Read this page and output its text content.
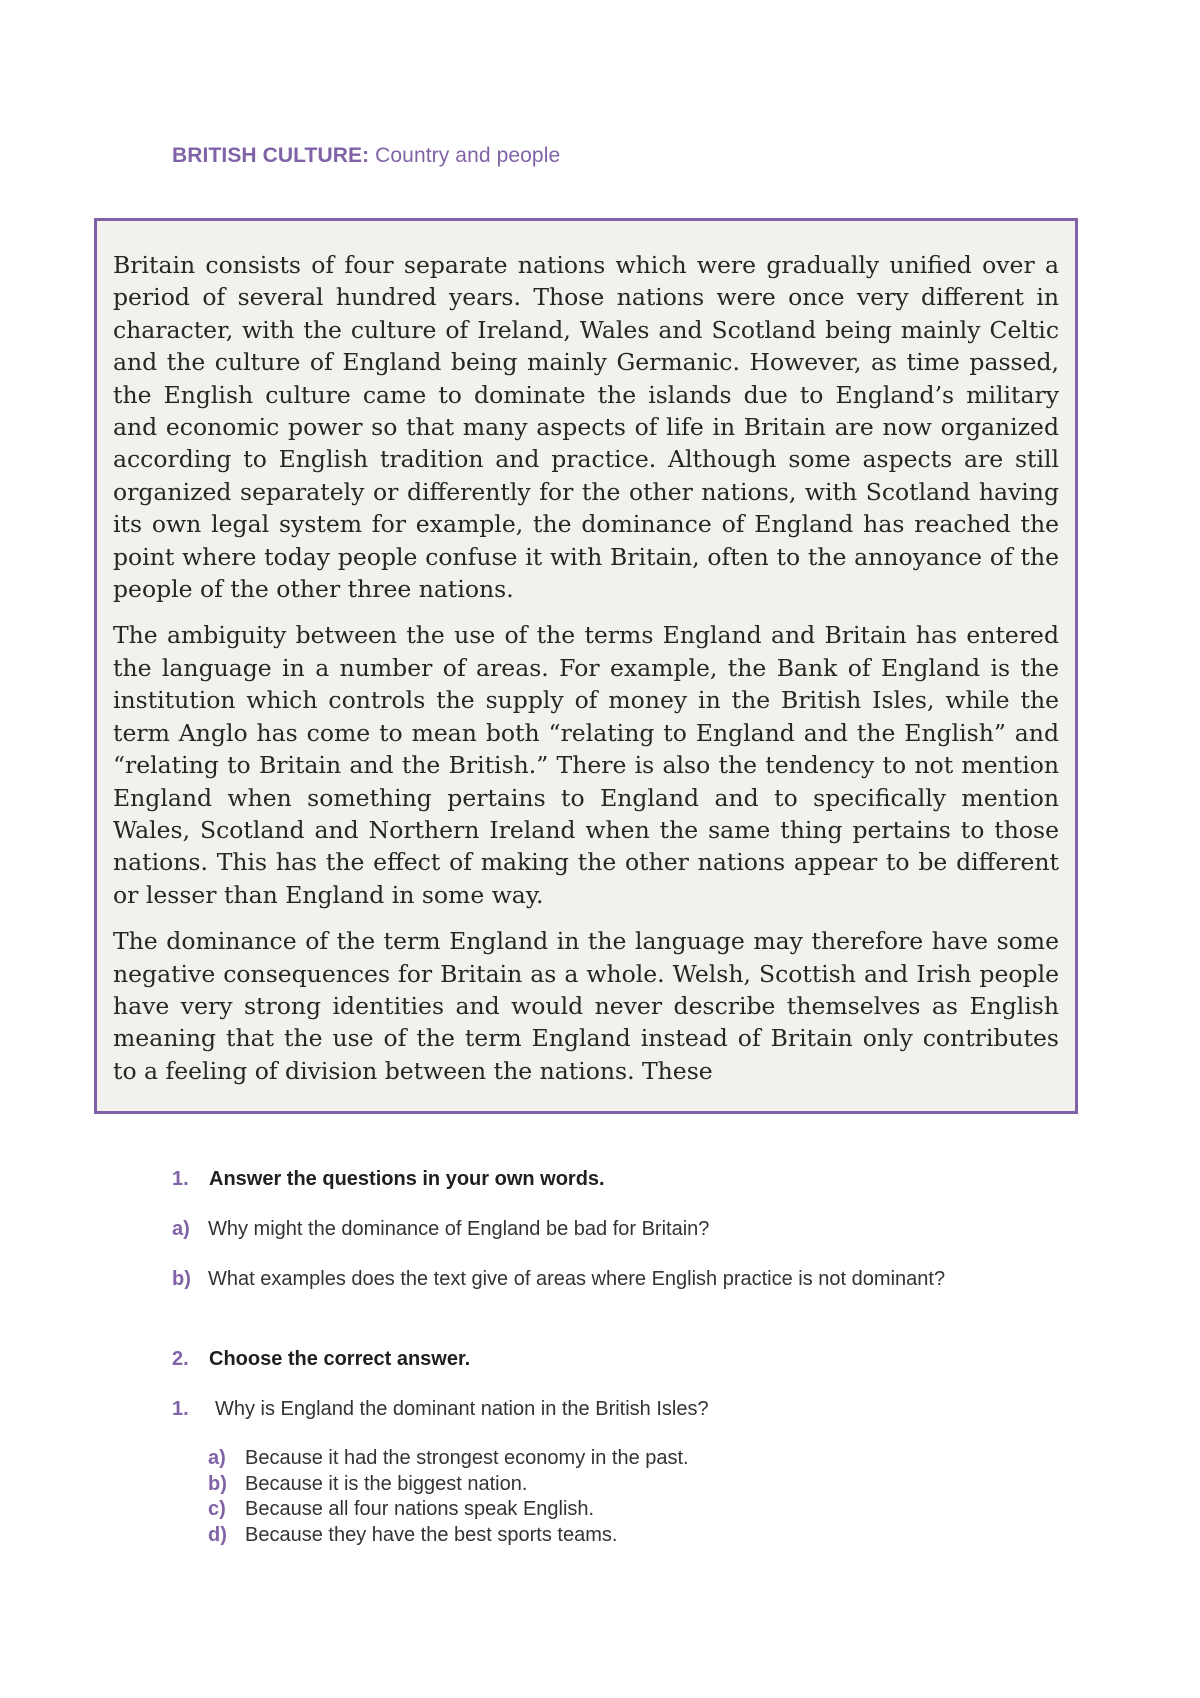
BRITISH CULTURE: Country and people

Britain consists of four separate nations which were gradually unified over a period of several hundred years. Those nations were once very different in character, with the culture of Ireland, Wales and Scotland being mainly Celtic and the culture of England being mainly Germanic. However, as time passed, the English culture came to dominate the islands due to England’s military and economic power so that many aspects of life in Britain are now organized according to English tradition and practice. Although some aspects are still organized separately or differently for the other nations, with Scotland having its own legal system for example, the dominance of England has reached the point where today people confuse it with Britain, often to the annoyance of the people of the other three nations.

The ambiguity between the use of the terms England and Britain has entered the language in a number of areas. For example, the Bank of England is the institution which controls the supply of money in the British Isles, while the term Anglo has come to mean both “relating to England and the English” and “relating to Britain and the British.” There is also the tendency to not mention England when something pertains to England and to specifically mention Wales, Scotland and Northern Ireland when the same thing pertains to those nations. This has the effect of making the other nations appear to be different or lesser than England in some way.

The dominance of the term England in the language may therefore have some negative consequences for Britain as a whole. Welsh, Scottish and Irish people have very strong identities and would never describe themselves as English meaning that the use of the term England instead of Britain only contributes to a feeling of division between the nations. These

1. Answer the questions in your own words.

a) Why might the dominance of England be bad for Britain?

b) What examples does the text give of areas where English practice is not dominant?

2. Choose the correct answer.

1. Why is England the dominant nation in the British Isles?

a) Because it had the strongest economy in the past.
b) Because it is the biggest nation.
c) Because all four nations speak English.
d) Because they have the best sports teams.
